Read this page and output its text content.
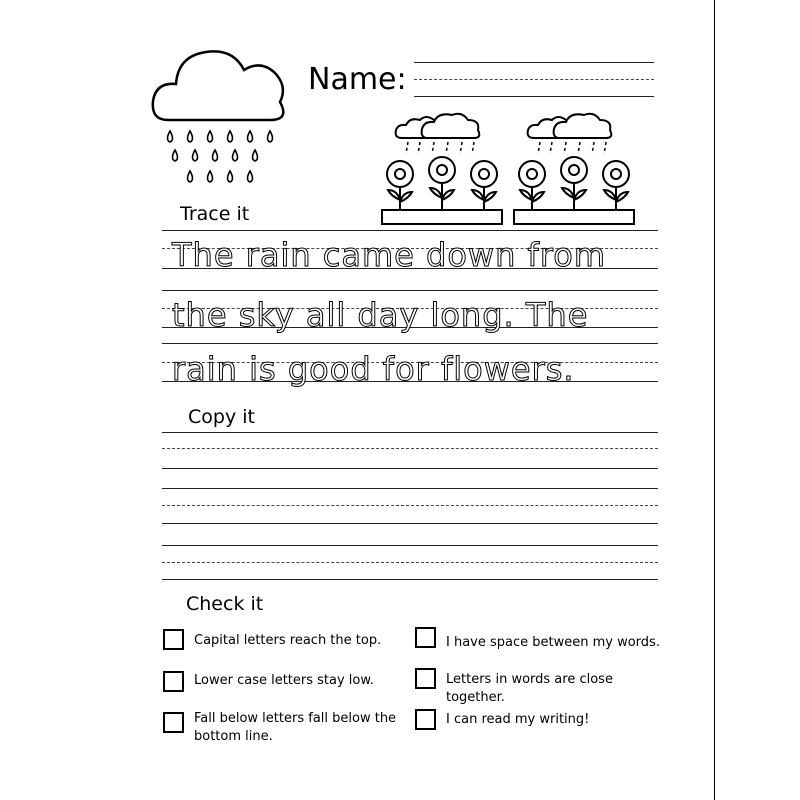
Name:
Trace it
The rain came down from
the sky all day long. The
rain is good for flowers.
Copy it
Check it
Capital letters reach the top.
Lower case letters stay low.
Fall below letters fall below the bottom line.
I have space between my words.
Letters in words are close together.
I can read my writing!
